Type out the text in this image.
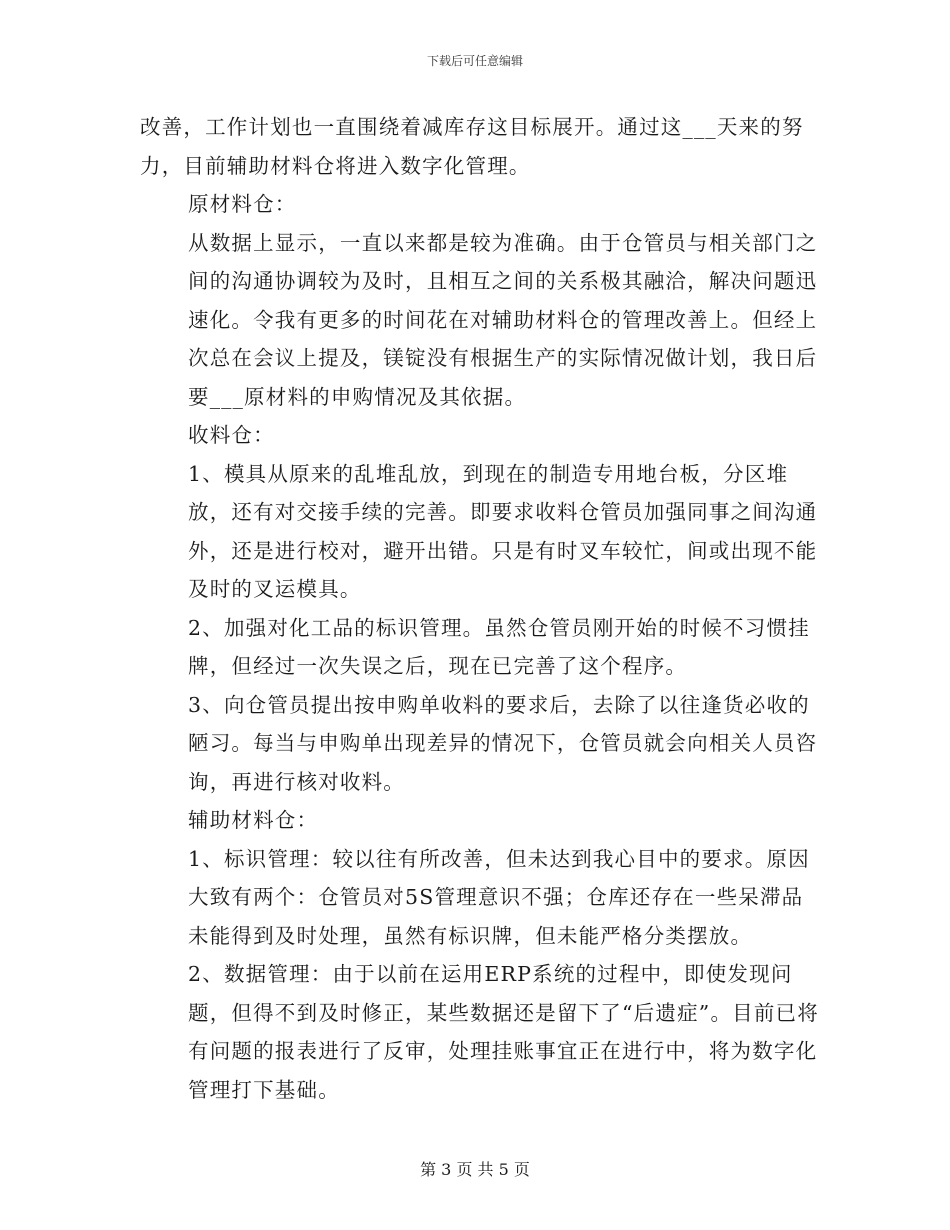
下载后可任意编辑

改善，工作计划也一直围绕着减库存这目标展开。通过这___天来的努力，目前辅助材料仓将进入数字化管理。

原材料仓：

从数据上显示，一直以来都是较为准确。由于仓管员与相关部门之间的沟通协调较为及时，且相互之间的关系极其融洽，解决问题迅速化。令我有更多的时间花在对辅助材料仓的管理改善上。但经上次总在会议上提及，镁锭没有根据生产的实际情况做计划，我日后要___原材料的申购情况及其依据。

收料仓：

1、模具从原来的乱堆乱放，到现在的制造专用地台板，分区堆放，还有对交接手续的完善。即要求收料仓管员加强同事之间沟通外，还是进行校对，避开出错。只是有时叉车较忙，间或出现不能及时的叉运模具。

2、加强对化工品的标识管理。虽然仓管员刚开始的时候不习惯挂牌，但经过一次失误之后，现在已完善了这个程序。

3、向仓管员提出按申购单收料的要求后，去除了以往逢货必收的陋习。每当与申购单出现差异的情况下，仓管员就会向相关人员咨询，再进行核对收料。

辅助材料仓：

1、标识管理：较以往有所改善，但未达到我心目中的要求。原因大致有两个：仓管员对5S管理意识不强；仓库还存在一些呆滞品未能得到及时处理，虽然有标识牌，但未能严格分类摆放。

2、数据管理：由于以前在运用ERP系统的过程中，即使发现问题，但得不到及时修正，某些数据还是留下了“后遗症”。目前已将有问题的报表进行了反审，处理挂账事宜正在进行中，将为数字化管理打下基础。

第 3 页 共 5 页
